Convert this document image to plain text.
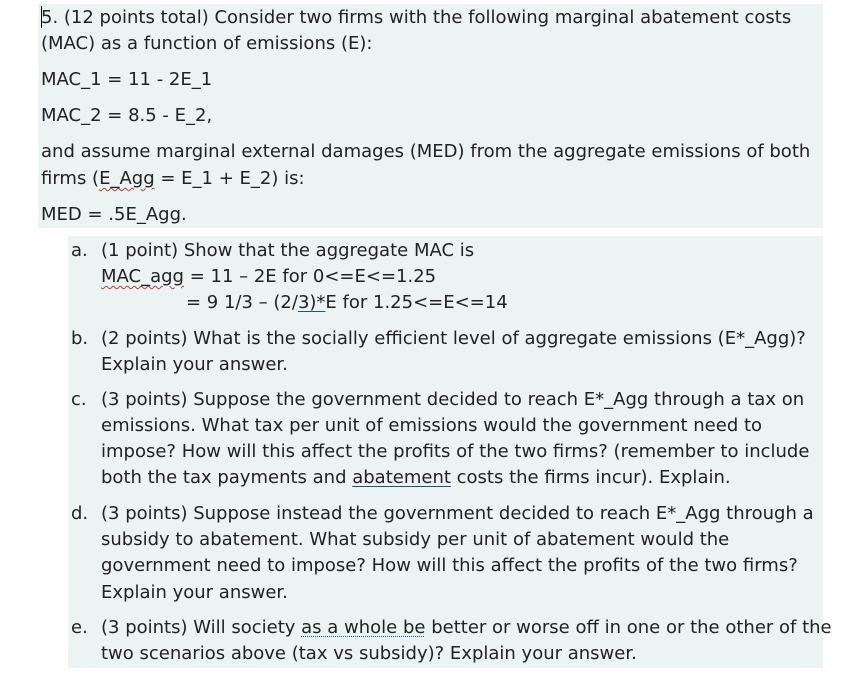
5. (12 points total) Consider two firms with the following marginal abatement costs
(MAC) as a function of emissions (E):
MAC_1 = 11 - 2E_1
MAC_2 = 8.5 - E_2,
and assume marginal external damages (MED) from the aggregate emissions of both
firms (E_Agg = E_1 + E_2) is:
MED = .5E_Agg.
a. (1 point) Show that the aggregate MAC is
MAC_agg = 11 – 2E for 0<=E<=1.25
= 9 1/3 – (2/3)*E for 1.25<=E<=14
b. (2 points) What is the socially efficient level of aggregate emissions (E*_Agg)?
Explain your answer.
c. (3 points) Suppose the government decided to reach E*_Agg through a tax on
emissions. What tax per unit of emissions would the government need to
impose? How will this affect the profits of the two firms? (remember to include
both the tax payments and abatement costs the firms incur). Explain.
d. (3 points) Suppose instead the government decided to reach E*_Agg through a
subsidy to abatement. What subsidy per unit of abatement would the
government need to impose? How will this affect the profits of the two firms?
Explain your answer.
e. (3 points) Will society as a whole be better or worse off in one or the other of the
two scenarios above (tax vs subsidy)? Explain your answer.
